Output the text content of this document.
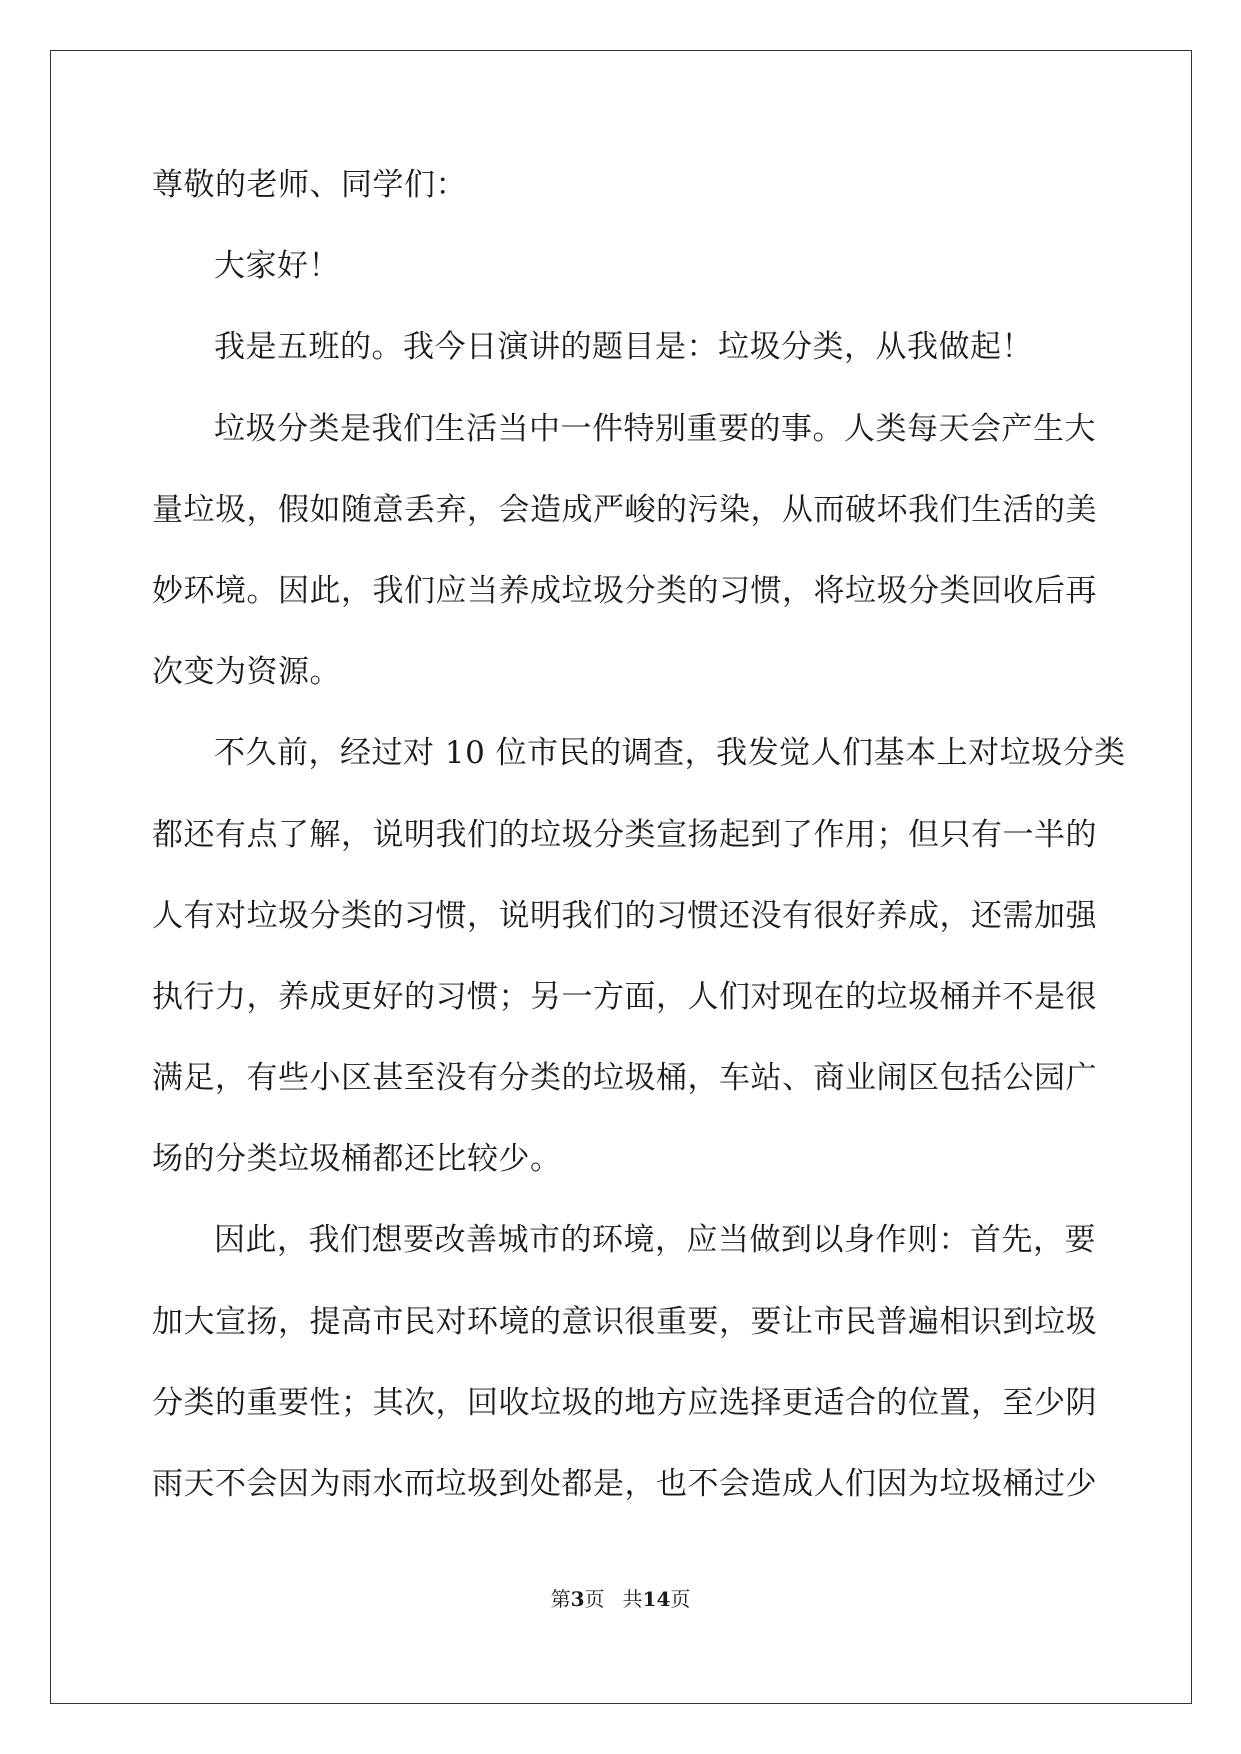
尊敬的老师、同学们：
大家好！
我是五班的。我今日演讲的题目是：垃圾分类，从我做起！
垃圾分类是我们生活当中一件特别重要的事。人类每天会产生大
量垃圾，假如随意丢弃，会造成严峻的污染，从而破坏我们生活的美
妙环境。因此，我们应当养成垃圾分类的习惯，将垃圾分类回收后再
次变为资源。
不久前，经过对 10 位市民的调查，我发觉人们基本上对垃圾分类
都还有点了解，说明我们的垃圾分类宣扬起到了作用；但只有一半的
人有对垃圾分类的习惯，说明我们的习惯还没有很好养成，还需加强
执行力，养成更好的习惯；另一方面，人们对现在的垃圾桶并不是很
满足，有些小区甚至没有分类的垃圾桶，车站、商业闹区包括公园广
场的分类垃圾桶都还比较少。
因此，我们想要改善城市的环境，应当做到以身作则：首先，要
加大宣扬，提高市民对环境的意识很重要，要让市民普遍相识到垃圾
分类的重要性；其次，回收垃圾的地方应选择更适合的位置，至少阴
雨天不会因为雨水而垃圾到处都是，也不会造成人们因为垃圾桶过少
第3页 共14页
